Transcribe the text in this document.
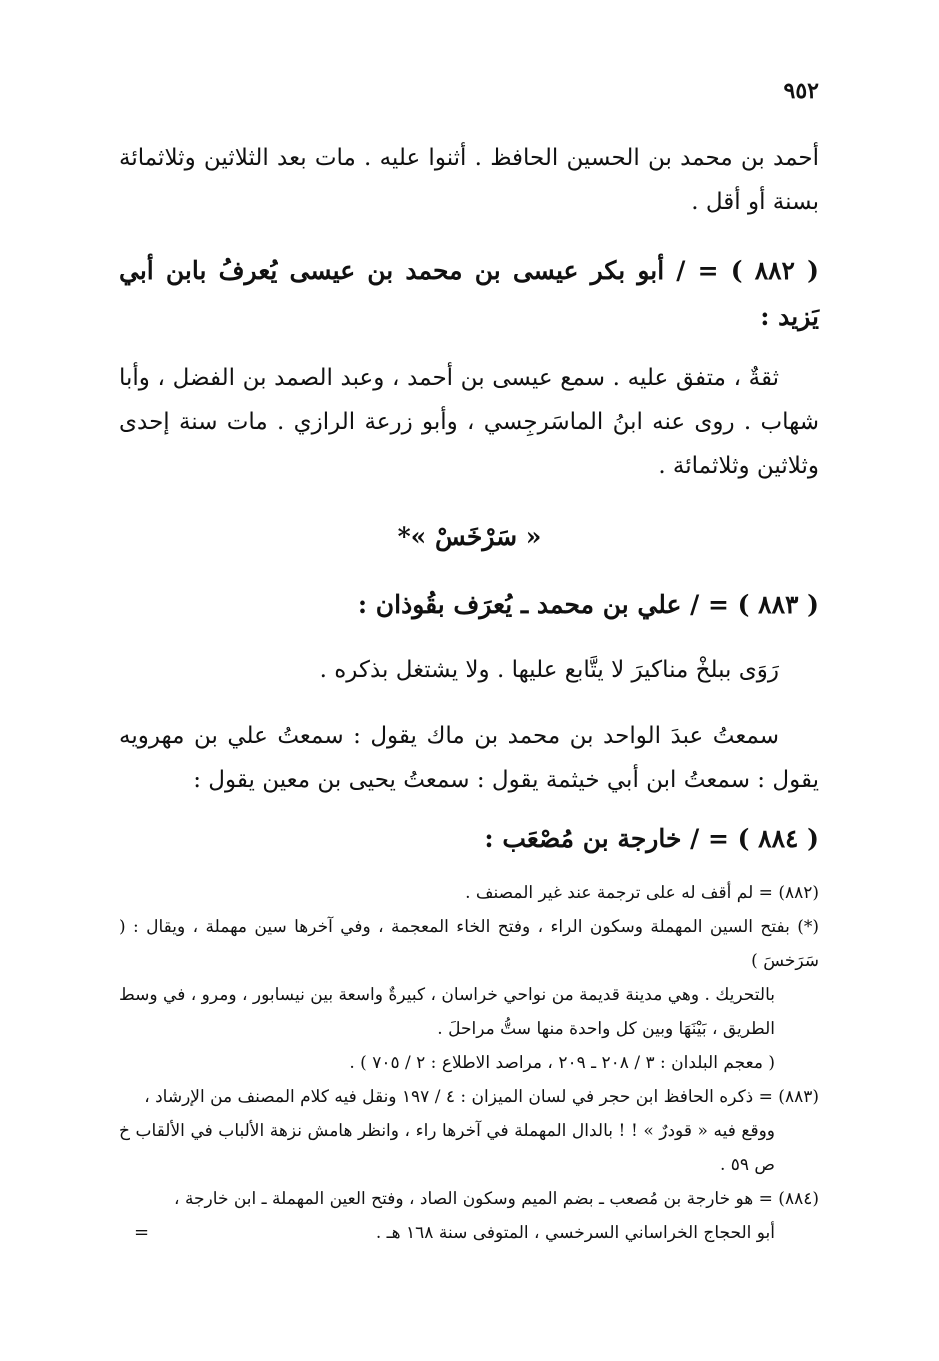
٩٥٢

أحمد بن محمد بن الحسين الحافظ . أثنوا عليه . مات بعد الثلاثين وثلاثمائة بسنة أو أقل .

( ٨٨٢ ) = / أبو بكر عيسى بن محمد بن عيسى يُعرفُ بابن أبي يَزيد :

ثقةٌ ، متفق عليه . سمع عيسى بن أحمد ، وعبد الصمد بن الفضل ، وأبا شهاب . روى عنه ابنُ الماسَرجِسي ، وأبو زرعة الرازي . مات سنة إحدى وثلاثين وثلاثمائة .

« سَرْخَسْ »*

( ٨٨٣ ) = / علي بن محمد ـ يُعرَف بقُوذان :

رَوَى ببلخْ مناكيرَ لا يتَّابع عليها . ولا يشتغل بذكره .

سمعتُ عبدَ الواحد بن محمد بن ماك يقول : سمعتُ علي بن مهرويه يقول : سمعتُ ابن أبي خيثمة يقول : سمعتُ يحيى بن معين يقول :

( ٨٨٤ ) = / خارجة بن مُصْعَب :

(٨٨٢) = لم أقف له على ترجمة عند غير المصنف .

(*) بفتح السين المهملة وسكون الراء ، وفتح الخاء المعجمة ، وفي آخرها سين مهملة ، ويقال : ( سَرَخسَ )

بالتحريك . وهي مدينة قديمة من نواحي خراسان ، كبيرةٌ واسعة بين نيسابور ، ومرو ، في وسط الطريق ، بَيْنَهَا وبين كل واحدة منها ستُّ مراحلَ .

( معجم البلدان : ٣ / ٢٠٨ ـ ٢٠٩ ، مراصد الاطلاع : ٢ / ٧٠٥ ) .

(٨٨٣) = ذكره الحافظ ابن حجر في لسان الميزان : ٤ / ١٩٧ ونقل فيه كلام المصنف من الإرشاد ،

ووقع فيه « قودرٌ » ! ! بالدال المهملة في آخرها راء ، وانظر هامش نزهة الألباب في الألقاب خ ص ٥٩ .

(٨٨٤) = هو خارجة بن مُصعب ـ بضم الميم وسكون الصاد ، وفتح العين المهملة ـ ابن خارجة ،

أبو الحجاج الخراساني السرخسي ، المتوفى سنة ١٦٨ هـ .

=
